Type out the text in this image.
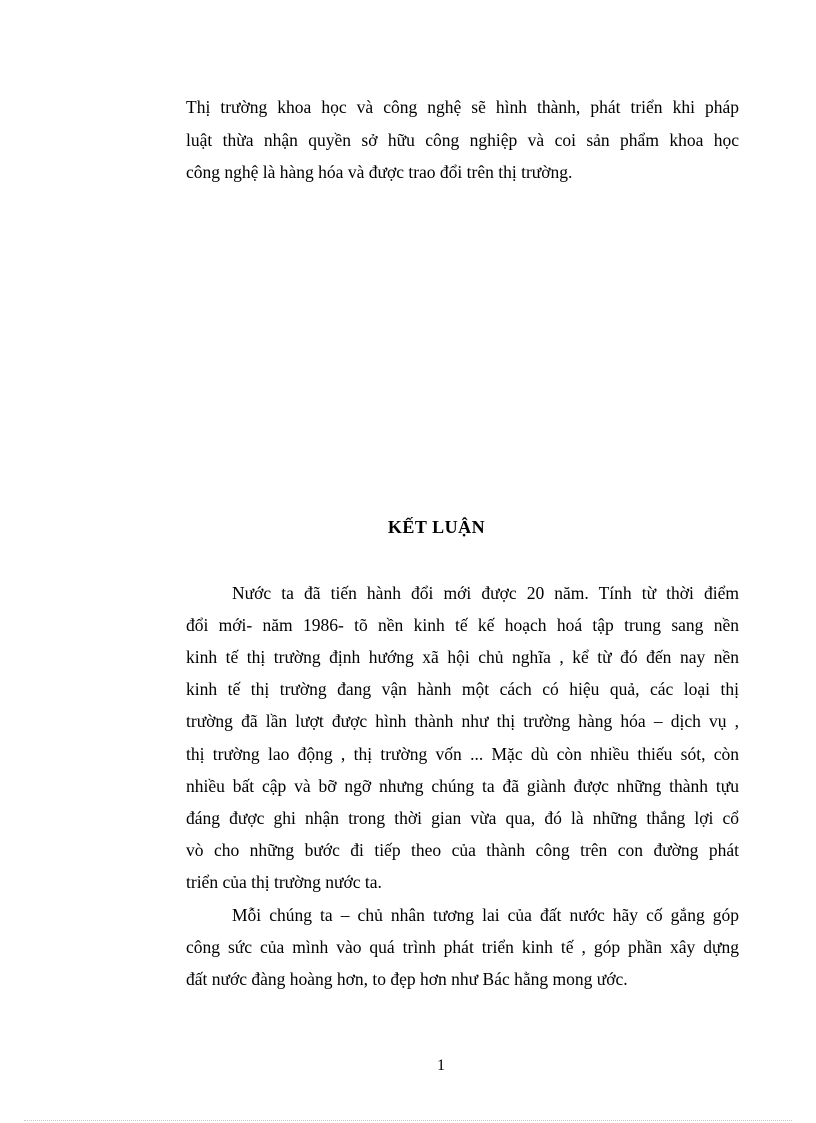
Thị trường khoa học và công nghệ sẽ hình thành, phát triển khi pháp
luật thừa nhận quyền sở hữu công nghiệp và coi sản phẩm khoa học
công nghệ là hàng hóa và được trao đổi trên thị trường.
KẾT LUẬN
Nước ta đã tiến hành đổi mới được 20 năm. Tính từ thời điểm
đổi mới- năm 1986- tõ nền kinh tế kế hoạch hoá tập trung sang nền
kinh tế thị trường định hướng xã hội chủ nghĩa , kể từ đó đến nay nền
kinh tế thị trường đang vận hành một cách có hiệu quả, các loại thị
trường đã lần lượt được hình thành như thị trường hàng hóa – dịch vụ ,
thị trường lao động , thị trường vốn ... Mặc dù còn nhiều thiếu sót, còn
nhiều bất cập và bỡ ngỡ nhưng chúng ta đã giành được những thành tựu
đáng được ghi nhận trong thời gian vừa qua, đó là những thắng lợi cổ
vò cho những bước đi tiếp theo của thành công trên con đường phát
triển của thị trường nước ta.
Mỗi chúng ta – chủ nhân tương lai của đất nước hãy cố gắng góp
công sức của mình vào quá trình phát triển kinh tế , góp phần xây dựng
đất nước đàng hoàng hơn, to đẹp hơn như Bác hằng mong ước.
1
